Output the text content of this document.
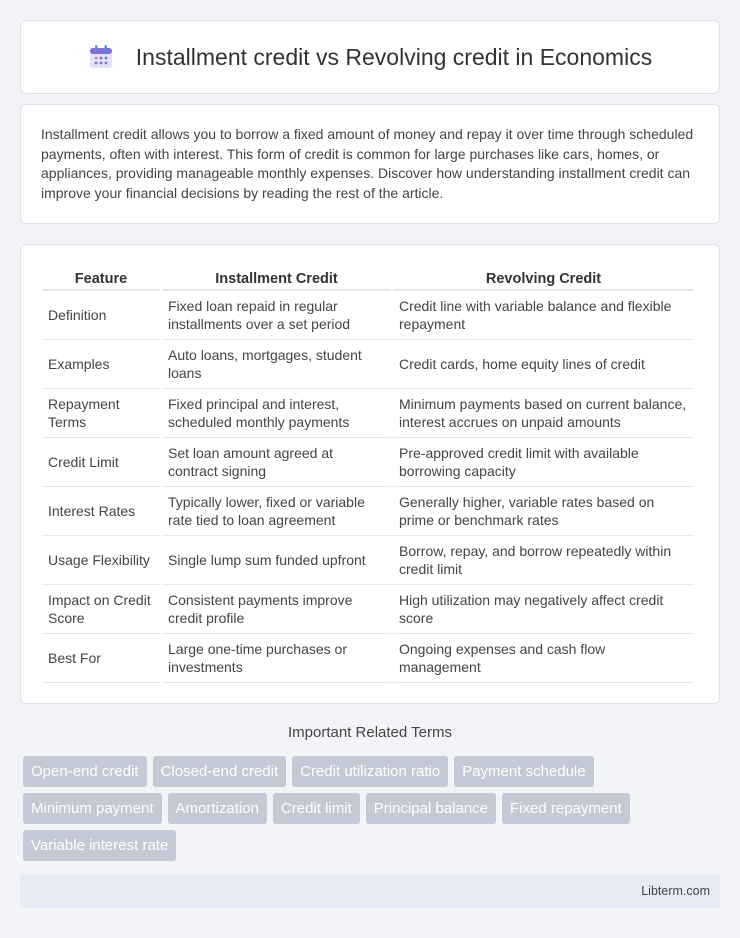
Installment credit vs Revolving credit in Economics

Installment credit allows you to borrow a fixed amount of money and repay it over time through scheduled payments, often with interest. This form of credit is common for large purchases like cars, homes, or appliances, providing manageable monthly expenses. Discover how understanding installment credit can improve your financial decisions by reading the rest of the article.

Feature	Installment Credit	Revolving Credit
Definition	Fixed loan repaid in regular installments over a set period	Credit line with variable balance and flexible repayment
Examples	Auto loans, mortgages, student loans	Credit cards, home equity lines of credit
Repayment Terms	Fixed principal and interest, scheduled monthly payments	Minimum payments based on current balance, interest accrues on unpaid amounts
Credit Limit	Set loan amount agreed at contract signing	Pre-approved credit limit with available borrowing capacity
Interest Rates	Typically lower, fixed or variable rate tied to loan agreement	Generally higher, variable rates based on prime or benchmark rates
Usage Flexibility	Single lump sum funded upfront	Borrow, repay, and borrow repeatedly within credit limit
Impact on Credit Score	Consistent payments improve credit profile	High utilization may negatively affect credit score
Best For	Large one-time purchases or investments	Ongoing expenses and cash flow management
Important Related Terms
Open-end credit	Closed-end credit	Credit utilization ratio	Payment schedule
Minimum payment	Amortization	Credit limit	Principal balance	Fixed repayment
Variable interest rate
Libterm.com
